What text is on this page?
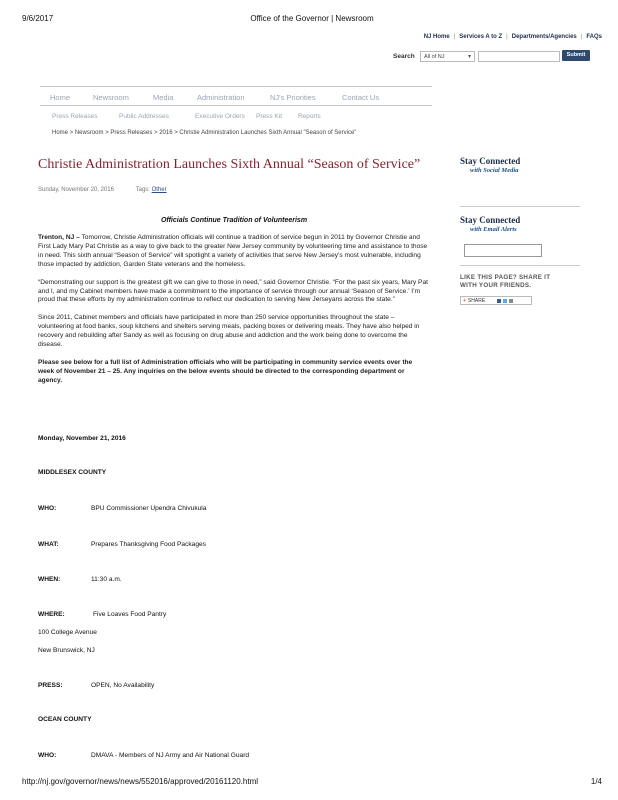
9/6/2017	Office of the Governor | Newsroom
NJ Home | Services A to Z | Departments/Agencies | FAQs
Search	All of NJ	▾	Submit
Home	Newsroom	Media	Administration	NJ's Priorities	Contact Us
Press Releases	Public Addresses	Executive Orders Press Kit Reports
Home > Newsroom > Press Releases > 2016 > Christie Administration Launches Sixth Annual "Season of Service"
Christie Administration Launches Sixth Annual “Season of Service”
Sunday, November 20, 2016	Tags: Other
Officials Continue Tradition of Volunteerism

Trenton, NJ – Tomorrow, Christie Administration officials will continue a tradition of service begun in 2011 by Governor Christie and First Lady Mary Pat Christie as a way to give back to the greater New Jersey community by volunteering time and assistance to those in need. This sixth annual “Season of Service” will spotlight a variety of activities that serve New Jersey’s most vulnerable, including those impacted by addiction, Garden State veterans and the homeless.

“Demonstrating our support is the greatest gift we can give to those in need,” said Governor Christie. “For the past six years, Mary Pat and I, and my Cabinet members have made a commitment to the importance of service through our annual ‘Season of Service.’ I’m proud that these efforts by my administration continue to reflect our dedication to serving New Jerseyans across the state.”

Since 2011, Cabinet members and officials have participated in more than 250 service opportunities throughout the state – volunteering at food banks, soup kitchens and shelters serving meals, packing boxes or delivering meals. They have also helped in recovery and rebuilding after Sandy as well as focusing on drug abuse and addiction and the work being done to overcome the disease.

Please see below for a full list of Administration officials who will be participating in community service events over the week of November 21 – 25. Any inquiries on the below events should be directed to the corresponding department or agency.

Monday, November 21, 2016
MIDDLESEX COUNTY
WHO:	BPU Commissioner Upendra Chivukula
WHAT:	Prepares Thanksgiving Food Packages
WHEN:	11:30 a.m.
WHERE:	Five Loaves Food Pantry
100 College Avenue
New Brunswick, NJ
PRESS:	OPEN, No Availability
OCEAN COUNTY
WHO:	DMAVA - Members of NJ Army and Air National Guard
Stay Connected
with Social Media
Stay Connected
with Email Alerts
LIKE THIS PAGE? SHARE IT
WITH YOUR FRIENDS.
+ SHARE
http://nj.gov/governor/news/news/552016/approved/20161120.html	1/4
